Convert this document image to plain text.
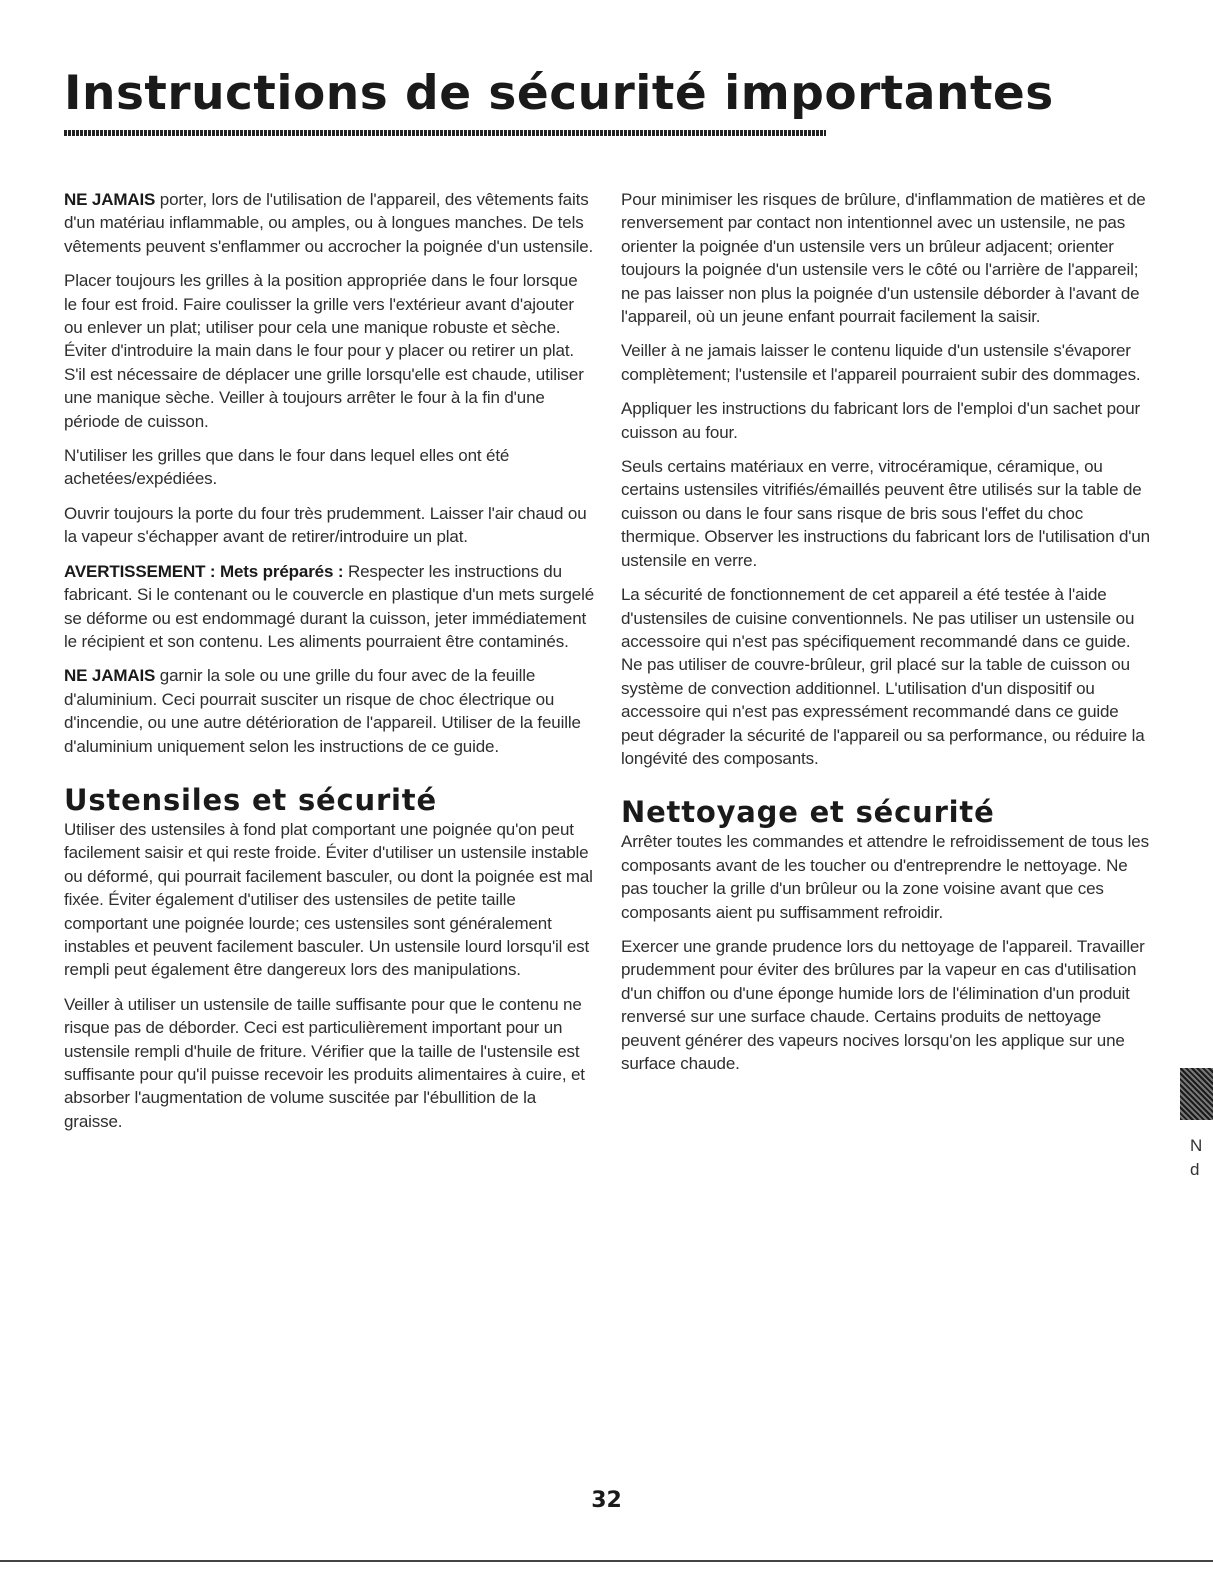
Instructions de sécurité importantes

NE JAMAIS porter, lors de l'utilisation de l'appareil, des vêtements faits d'un matériau inflammable, ou amples, ou à longues manches. De tels vêtements peuvent s'enflammer ou accrocher la poignée d'un ustensile.

Placer toujours les grilles à la position appropriée dans le four lorsque le four est froid. Faire coulisser la grille vers l'extérieur avant d'ajouter ou enlever un plat; utiliser pour cela une manique robuste et sèche. Éviter d'introduire la main dans le four pour y placer ou retirer un plat. S'il est nécessaire de déplacer une grille lorsqu'elle est chaude, utiliser une manique sèche. Veiller à toujours arrêter le four à la fin d'une période de cuisson.

N'utiliser les grilles que dans le four dans lequel elles ont été achetées/expédiées.

Ouvrir toujours la porte du four très prudemment. Laisser l'air chaud ou la vapeur s'échapper avant de retirer/introduire un plat.

AVERTISSEMENT : Mets préparés : Respecter les instructions du fabricant. Si le contenant ou le couvercle en plastique d'un mets surgelé se déforme ou est endommagé durant la cuisson, jeter immédiatement le récipient et son contenu. Les aliments pourraient être contaminés.

NE JAMAIS garnir la sole ou une grille du four avec de la feuille d'aluminium. Ceci pourrait susciter un risque de choc électrique ou d'incendie, ou une autre détérioration de l'appareil. Utiliser de la feuille d'aluminium uniquement selon les instructions de ce guide.

Ustensiles et sécurité

Utiliser des ustensiles à fond plat comportant une poignée qu'on peut facilement saisir et qui reste froide. Éviter d'utiliser un ustensile instable ou déformé, qui pourrait facilement basculer, ou dont la poignée est mal fixée. Éviter également d'utiliser des ustensiles de petite taille comportant une poignée lourde; ces ustensiles sont généralement instables et peuvent facilement basculer. Un ustensile lourd lorsqu'il est rempli peut également être dangereux lors des manipulations.

Veiller à utiliser un ustensile de taille suffisante pour que le contenu ne risque pas de déborder. Ceci est particulièrement important pour un ustensile rempli d'huile de friture. Vérifier que la taille de l'ustensile est suffisante pour qu'il puisse recevoir les produits alimentaires à cuire, et absorber l'augmentation de volume suscitée par l'ébullition de la graisse.

Pour minimiser les risques de brûlure, d'inflammation de matières et de renversement par contact non intentionnel avec un ustensile, ne pas orienter la poignée d'un ustensile vers un brûleur adjacent; orienter toujours la poignée d'un ustensile vers le côté ou l'arrière de l'appareil; ne pas laisser non plus la poignée d'un ustensile déborder à l'avant de l'appareil, où un jeune enfant pourrait facilement la saisir.

Veiller à ne jamais laisser le contenu liquide d'un ustensile s'évaporer complètement; l'ustensile et l'appareil pourraient subir des dommages.

Appliquer les instructions du fabricant lors de l'emploi d'un sachet pour cuisson au four.

Seuls certains matériaux en verre, vitrocéramique, céramique, ou certains ustensiles vitrifiés/émaillés peuvent être utilisés sur la table de cuisson ou dans le four sans risque de bris sous l'effet du choc thermique. Observer les instructions du fabricant lors de l'utilisation d'un ustensile en verre.

La sécurité de fonctionnement de cet appareil a été testée à l'aide d'ustensiles de cuisine conventionnels. Ne pas utiliser un ustensile ou accessoire qui n'est pas spécifiquement recommandé dans ce guide. Ne pas utiliser de couvre-brûleur, gril placé sur la table de cuisson ou système de convection additionnel. L'utilisation d'un dispositif ou accessoire qui n'est pas expressément recommandé dans ce guide peut dégrader la sécurité de l'appareil ou sa performance, ou réduire la longévité des composants.

Nettoyage et sécurité

Arrêter toutes les commandes et attendre le refroidissement de tous les composants avant de les toucher ou d'entreprendre le nettoyage. Ne pas toucher la grille d'un brûleur ou la zone voisine avant que ces composants aient pu suffisamment refroidir.

Exercer une grande prudence lors du nettoyage de l'appareil. Travailler prudemment pour éviter des brûlures par la vapeur en cas d'utilisation d'un chiffon ou d'une éponge humide lors de l'élimination d'un produit renversé sur une surface chaude. Certains produits de nettoyage peuvent générer des vapeurs nocives lorsqu'on les applique sur une surface chaude.

N
d
32
